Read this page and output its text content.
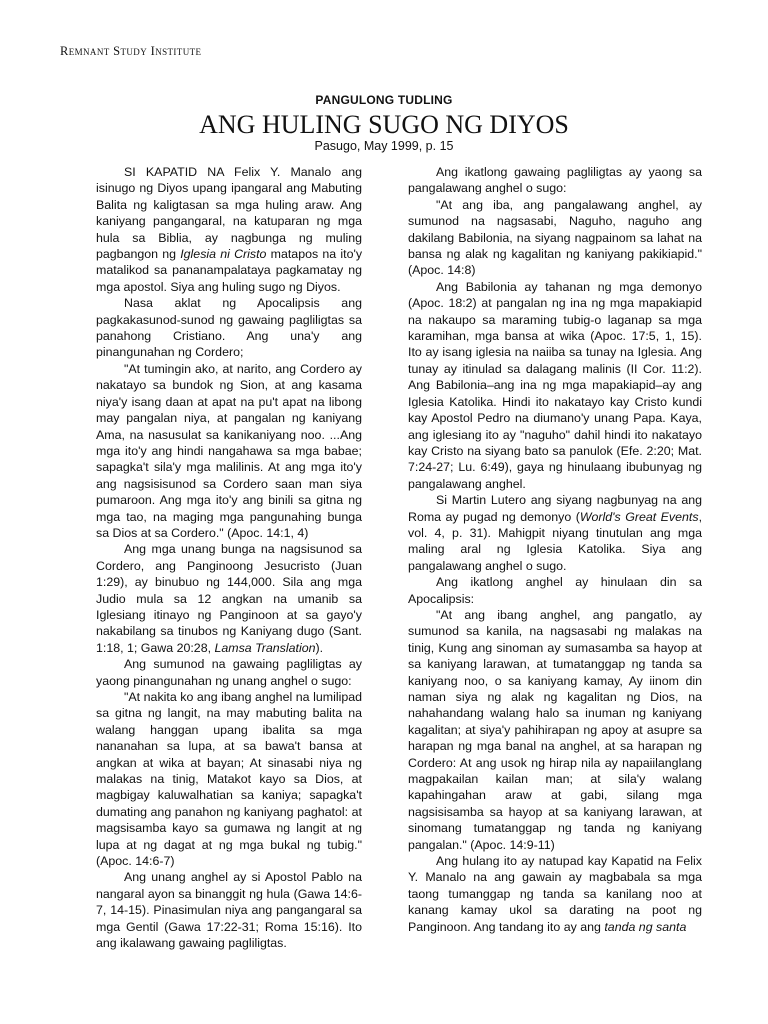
Remnant Study Institute
PANGULONG TUDLING
ANG HULING SUGO NG DIYOS
Pasugo, May 1999, p. 15

SI KAPATID NA Felix Y. Manalo ang isinugo ng Diyos upang ipangaral ang Mabuting Balita ng kaligtasan sa mga huling araw. Ang kaniyang pangangaral, na katuparan ng mga hula sa Biblia, ay nagbunga ng muling pagbangon ng Iglesia ni Cristo matapos na ito'y matalikod sa pananampalataya pagkamatay ng mga apostol. Siya ang huling sugo ng Diyos.

Nasa aklat ng Apocalipsis ang pagkakasunod-sunod ng gawaing pagliligtas sa panahong Cristiano. Ang una'y ang pinangunahan ng Cordero;

"At tumingin ako, at narito, ang Cordero ay nakatayo sa bundok ng Sion, at ang kasama niya'y isang daan at apat na pu't apat na libong may pangalan niya, at pangalan ng kaniyang Ama, na nasusulat sa kanikaniyang noo. ...Ang mga ito'y ang hindi nangahawa sa mga babae; sapagka't sila'y mga malilinis. At ang mga ito'y ang nagsisisunod sa Cordero saan man siya pumaroon. Ang mga ito'y ang binili sa gitna ng mga tao, na maging mga pangunahing bunga sa Dios at sa Cordero." (Apoc. 14:1, 4)

Ang mga unang bunga na nagsisunod sa Cordero, ang Panginoong Jesucristo (Juan 1:29), ay binubuo ng 144,000. Sila ang mga Judio mula sa 12 angkan na umanib sa Iglesiang itinayo ng Panginoon at sa gayo'y nakabilang sa tinubos ng Kaniyang dugo (Sant. 1:18, 1; Gawa 20:28, Lamsa Translation).

Ang sumunod na gawaing pagliligtas ay yaong pinangunahan ng unang anghel o sugo:

"At nakita ko ang ibang anghel na lumilipad sa gitna ng langit, na may mabuting balita na walang hanggan upang ibalita sa mga nananahan sa lupa, at sa bawa't bansa at angkan at wika at bayan; At sinasabi niya ng malakas na tinig, Matakot kayo sa Dios, at magbigay kaluwalhatian sa kaniya; sapagka't dumating ang panahon ng kaniyang paghatol: at magsisamba kayo sa gumawa ng langit at ng lupa at ng dagat at ng mga bukal ng tubig." (Apoc. 14:6-7)

Ang unang anghel ay si Apostol Pablo na nangaral ayon sa binanggit ng hula (Gawa 14:6-7, 14-15). Pinasimulan niya ang pangangaral sa mga Gentil (Gawa 17:22-31; Roma 15:16). Ito ang ikalawang gawaing pagliligtas.

Ang ikatlong gawaing pagliligtas ay yaong sa pangalawang anghel o sugo:

"At ang iba, ang pangalawang anghel, ay sumunod na nagsasabi, Naguho, naguho ang dakilang Babilonia, na siyang nagpainom sa lahat na bansa ng alak ng kagalitan ng kaniyang pakikiapid." (Apoc. 14:8)

Ang Babilonia ay tahanan ng mga demonyo (Apoc. 18:2) at pangalan ng ina ng mga mapakiapid na nakaupo sa maraming tubig-o laganap sa mga karamihan, mga bansa at wika (Apoc. 17:5, 1, 15). Ito ay isang iglesia na naiiba sa tunay na Iglesia. Ang tunay ay itinulad sa dalagang malinis (II Cor. 11:2). Ang Babilonia–ang ina ng mga mapakiapid–ay ang Iglesia Katolika. Hindi ito nakatayo kay Cristo kundi kay Apostol Pedro na diumano'y unang Papa. Kaya, ang iglesiang ito ay "naguho" dahil hindi ito nakatayo kay Cristo na siyang bato sa panulok (Efe. 2:20; Mat. 7:24-27; Lu. 6:49), gaya ng hinulaang ibubunyag ng pangalawang anghel.

Si Martin Lutero ang siyang nagbunyag na ang Roma ay pugad ng demonyo (World's Great Events, vol. 4, p. 31). Mahigpit niyang tinutulan ang mga maling aral ng Iglesia Katolika. Siya ang pangalawang anghel o sugo.

Ang ikatlong anghel ay hinulaan din sa Apocalipsis:

"At ang ibang anghel, ang pangatlo, ay sumunod sa kanila, na nagsasabi ng malakas na tinig, Kung ang sinoman ay sumasamba sa hayop at sa kaniyang larawan, at tumatanggap ng tanda sa kaniyang noo, o sa kaniyang kamay, Ay iinom din naman siya ng alak ng kagalitan ng Dios, na nahahandang walang halo sa inuman ng kaniyang kagalitan; at siya'y pahihirapan ng apoy at asupre sa harapan ng mga banal na anghel, at sa harapan ng Cordero: At ang usok ng hirap nila ay napaiilanglang magpakailan kailan man; at sila'y walang kapahingahan araw at gabi, silang mga nagsisisamba sa hayop at sa kaniyang larawan, at sinomang tumatanggap ng tanda ng kaniyang pangalan." (Apoc. 14:9-11)

Ang hulang ito ay natupad kay Kapatid na Felix Y. Manalo na ang gawain ay magbabala sa mga taong tumanggap ng tanda sa kanilang noo at kanang kamay ukol sa darating na poot ng Panginoon. Ang tandang ito ay ang tanda ng santa
